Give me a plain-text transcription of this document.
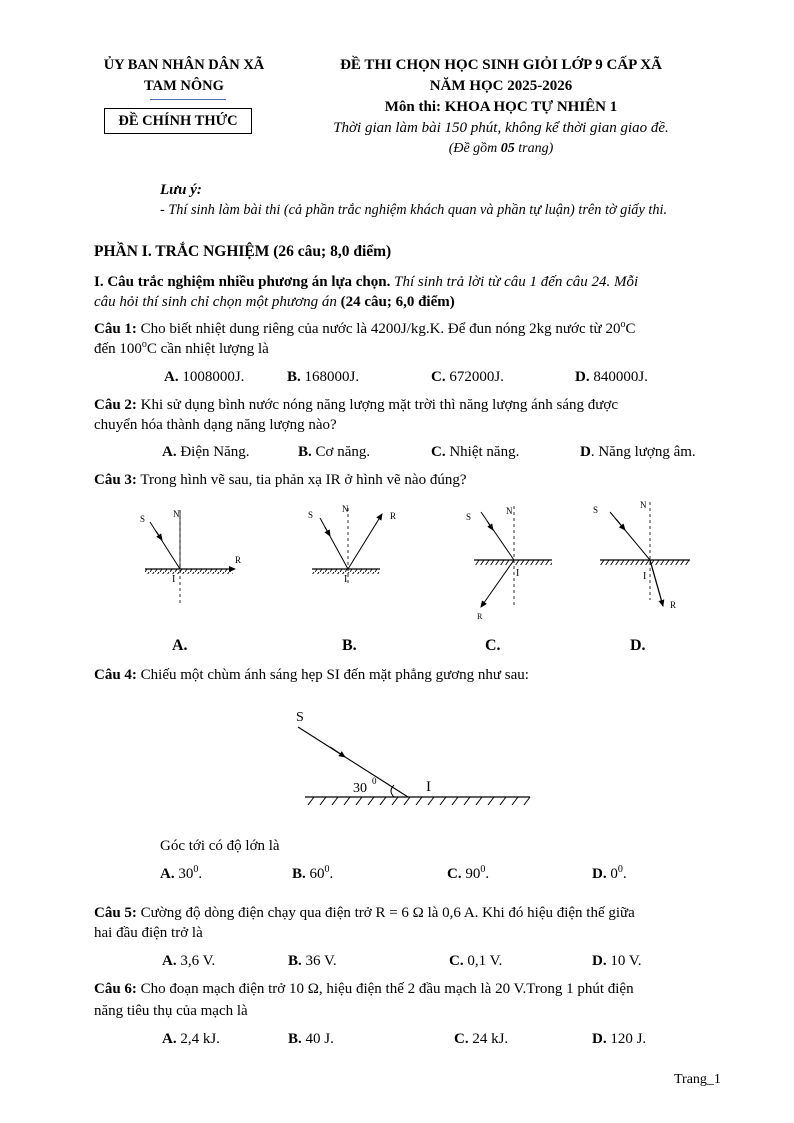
ỦY BAN NHÂN DÂN XÃ
TAM NÔNG
ĐỀ CHÍNH THỨC
ĐỀ THI CHỌN HỌC SINH GIỎI LỚP 9 CẤP XÃ
NĂM HỌC 2025-2026
Môn thi: KHOA HỌC TỰ NHIÊN 1
Thời gian làm bài 150 phút, không kể thời gian giao đề.
(Đề gồm 05 trang)
Lưu ý:
- Thí sinh làm bài thi (cả phần trắc nghiệm khách quan và phần tự luận) trên tờ giấy thi.
PHẦN I. TRẮC NGHIỆM (26 câu; 8,0 điểm)
I. Câu trắc nghiệm nhiều phương án lựa chọn. Thí sinh trả lời từ câu 1 đến câu 24. Mỗi
câu hỏi thí sinh chỉ chọn một phương án (24 câu; 6,0 điểm)
Câu 1: Cho biết nhiệt dung riêng của nước là 4200J/kg.K. Để đun nóng 2kg nước từ 20$^o$C
đến 100$^o$C cần nhiệt lượng là
A. 1008000J.	B. 168000J.	C. 672000J.	D. 840000J.
Câu 2: Khi sử dụng bình nước nóng năng lượng mặt trời thì năng lượng ánh sáng được
chuyển hóa thành dạng năng lượng nào?
A. Điện Năng.	B. Cơ năng.	C. Nhiệt năng.	D. Năng lượng âm.
Câu 3: Trong hình vẽ sau, tia phản xạ IR ở hình vẽ nào đúng?
S	N
R
I
S
N
R
I
S
N
R
I
S	N
R
I
A.	B.	C.	D.
Câu 4: Chiếu một chùm ánh sáng hẹp SI đến mặt phẳng gương như sau:
S
30 0	I
Góc tới có độ lớn là
A. $30^0$.	B. $60^0$.	C. $90^0$.	D. $0^0$.
Câu 5: Cường độ dòng điện chạy qua điện trở R = 6 Ω là 0,6 A. Khi đó hiệu điện thế giữa
hai đầu điện trở là
A. 3,6 V.	B. 36 V.	C. 0,1 V.	D. 10 V.
Câu 6: Cho đoạn mạch điện trở 10 Ω, hiệu điện thế 2 đầu mạch là 20 V.Trong 1 phút điện
năng tiêu thụ của mạch là
A. 2,4 kJ.	B. 40 J.	C. 24 kJ.	D. 120 J.
Trang_1
